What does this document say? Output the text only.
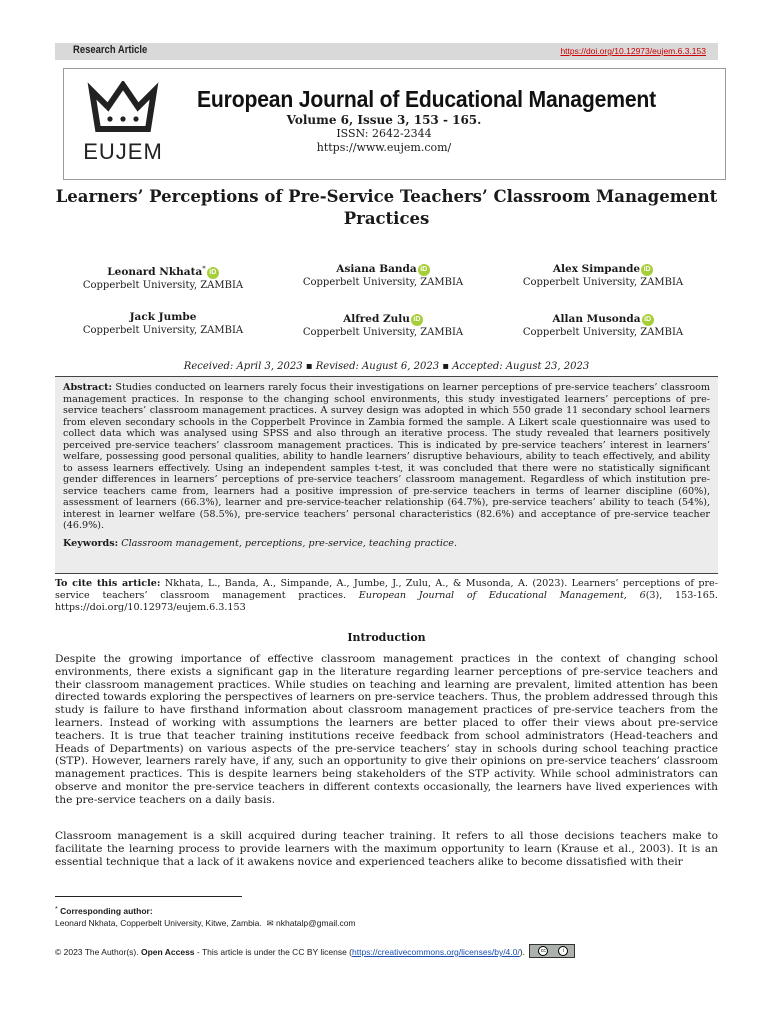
Research Article	https://doi.org/10.12973/eujem.6.3.153
EUJEM
European Journal of Educational Management
Volume 6, Issue 3, 153 - 165.
ISSN: 2642-2344
https://www.eujem.com/
Learners’ Perceptions of Pre-Service Teachers’ Classroom Management
Practices
Leonard Nkhata* iD
Copperbelt University, ZAMBIA
Asiana Banda iD
Copperbelt University, ZAMBIA
Alex Simpande iD
Copperbelt University, ZAMBIA
Jack Jumbe
Copperbelt University, ZAMBIA
Alfred Zulu iD
Copperbelt University, ZAMBIA
Allan Musonda iD
Copperbelt University, ZAMBIA
Received: April 3, 2023 ▪ Revised: August 6, 2023 ▪ Accepted: August 23, 2023
Abstract: Studies conducted on learners rarely focus their investigations on learner perceptions of pre-service teachers’ classroom management practices. In response to the changing school environments, this study investigated learners’ perceptions of pre-service teachers’ classroom management practices. A survey design was adopted in which 550 grade 11 secondary school learners from eleven secondary schools in the Copperbelt Province in Zambia formed the sample. A Likert scale questionnaire was used to collect data which was analysed using SPSS and also through an iterative process. The study revealed that learners positively perceived pre-service teachers’ classroom management practices. This is indicated by pre-service teachers’ interest in learners’ welfare, possessing good personal qualities, ability to handle learners’ disruptive behaviours, ability to teach effectively, and ability to assess learners effectively. Using an independent samples t-test, it was concluded that there were no statistically significant gender differences in learners’ perceptions of pre-service teachers’ classroom management. Regardless of which institution pre-service teachers came from, learners had a positive impression of pre-service teachers in terms of learner discipline (60%), assessment of learners (66.3%), learner and pre-service-teacher relationship (64.7%), pre-service teachers’ ability to teach (54%), interest in learner welfare (58.5%), pre-service teachers’ personal characteristics (82.6%) and acceptance of pre-service teacher (46.9%).
Keywords: Classroom management, perceptions, pre-service, teaching practice.
To cite this article: Nkhata, L., Banda, A., Simpande, A., Jumbe, J., Zulu, A., & Musonda, A. (2023). Learners’ perceptions of pre-service teachers’ classroom management practices. European Journal of Educational Management, 6(3), 153-165. https://doi.org/10.12973/eujem.6.3.153
Introduction
Despite the growing importance of effective classroom management practices in the context of changing school environments, there exists a significant gap in the literature regarding learner perceptions of pre-service teachers and their classroom management practices. While studies on teaching and learning are prevalent, limited attention has been directed towards exploring the perspectives of learners on pre-service teachers. Thus, the problem addressed through this study is failure to have firsthand information about classroom management practices of pre-service teachers from the learners. Instead of working with assumptions the learners are better placed to offer their views about pre-service teachers. It is true that teacher training institutions receive feedback from school administrators (Head-teachers and Heads of Departments) on various aspects of the pre-service teachers’ stay in schools during school teaching practice (STP). However, learners rarely have, if any, such an opportunity to give their opinions on pre-service teachers’ classroom management practices. This is despite learners being stakeholders of the STP activity. While school administrators can observe and monitor the pre-service teachers in different contexts occasionally, the learners have lived experiences with the pre-service teachers on a daily basis.
Classroom management is a skill acquired during teacher training. It refers to all those decisions teachers make to facilitate the learning process to provide learners with the maximum opportunity to learn (Krause et al., 2003). It is an essential technique that a lack of it awakens novice and experienced teachers alike to become dissatisfied with their
* Corresponding author:
Leonard Nkhata, Copperbelt University, Kitwe, Zambia. ✉ nkhatalp@gmail.com
© 2023 The Author(s). Open Access - This article is under the CC BY license (https://creativecommons.org/licenses/by/4.0/).	cc	i
